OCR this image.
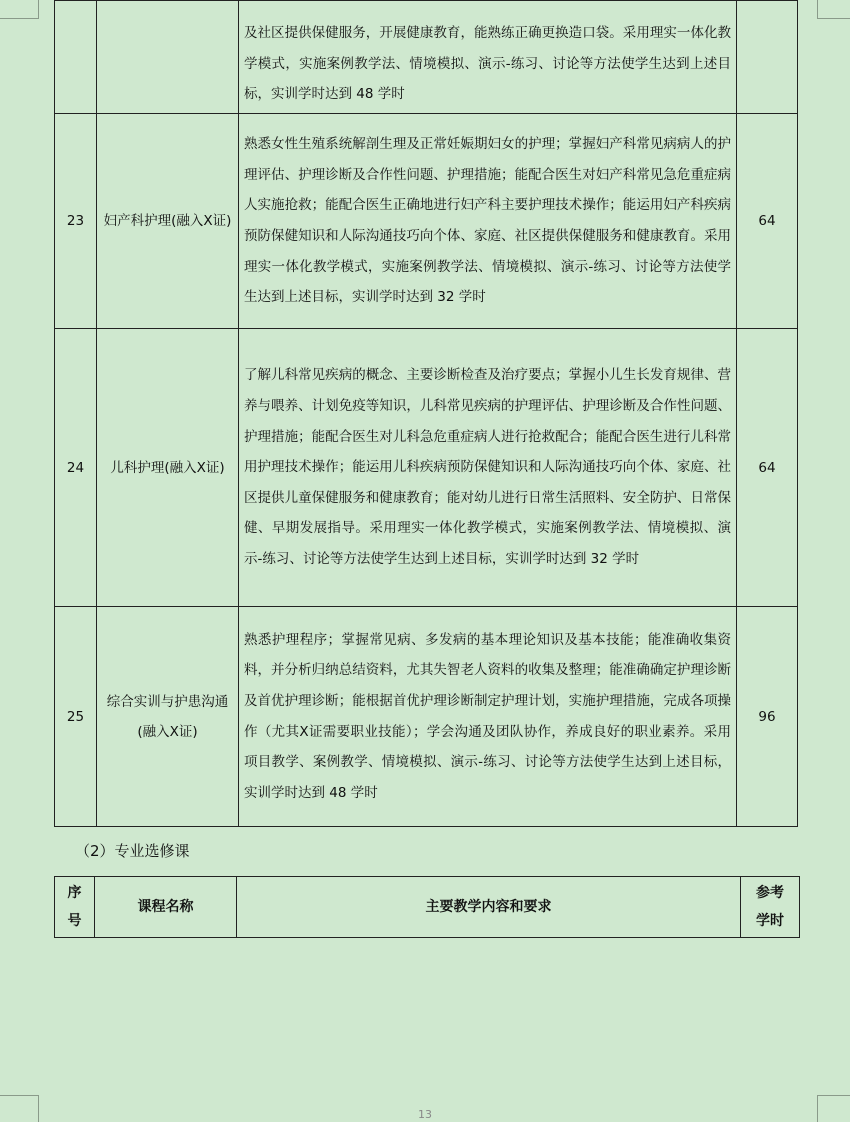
		及社区提供保健服务，开展健康教育，能熟练正确更换造口袋。采用理实一体化教学模式，实施案例教学法、情境模拟、演示-练习、讨论等方法使学生达到上述目标，实训学时达到 48 学时	
23	妇产科护理(融入X证)	熟悉女性生殖系统解剖生理及正常妊娠期妇女的护理；掌握妇产科常见病病人的护理评估、护理诊断及合作性问题、护理措施；能配合医生对妇产科常见急危重症病人实施抢救；能配合医生正确地进行妇产科主要护理技术操作；能运用妇产科疾病预防保健知识和人际沟通技巧向个体、家庭、社区提供保健服务和健康教育。采用理实一体化教学模式，实施案例教学法、情境模拟、演示-练习、讨论等方法使学生达到上述目标，实训学时达到 32 学时	64
24	儿科护理(融入X证)	了解儿科常见疾病的概念、主要诊断检查及治疗要点；掌握小儿生长发育规律、营养与喂养、计划免疫等知识，儿科常见疾病的护理评估、护理诊断及合作性问题、护理措施；能配合医生对儿科急危重症病人进行抢救配合；能配合医生进行儿科常用护理技术操作；能运用儿科疾病预防保健知识和人际沟通技巧向个体、家庭、社区提供儿童保健服务和健康教育；能对幼儿进行日常生活照料、安全防护、日常保健、早期发展指导。采用理实一体化教学模式，实施案例教学法、情境模拟、演示-练习、讨论等方法使学生达到上述目标，实训学时达到 32 学时	64
25	综合实训与护患沟通(融入X证)	熟悉护理程序；掌握常见病、多发病的基本理论知识及基本技能；能准确收集资料，并分析归纳总结资料，尤其失智老人资料的收集及整理；能准确确定护理诊断及首优护理诊断；能根据首优护理诊断制定护理计划，实施护理措施，完成各项操作（尤其X证需要职业技能）；学会沟通及团队协作，养成良好的职业素养。采用项目教学、案例教学、情境模拟、演示-练习、讨论等方法使学生达到上述目标，实训学时达到 48 学时	96
（2）专业选修课
序号	课程名称	主要教学内容和要求	参考学时
13
